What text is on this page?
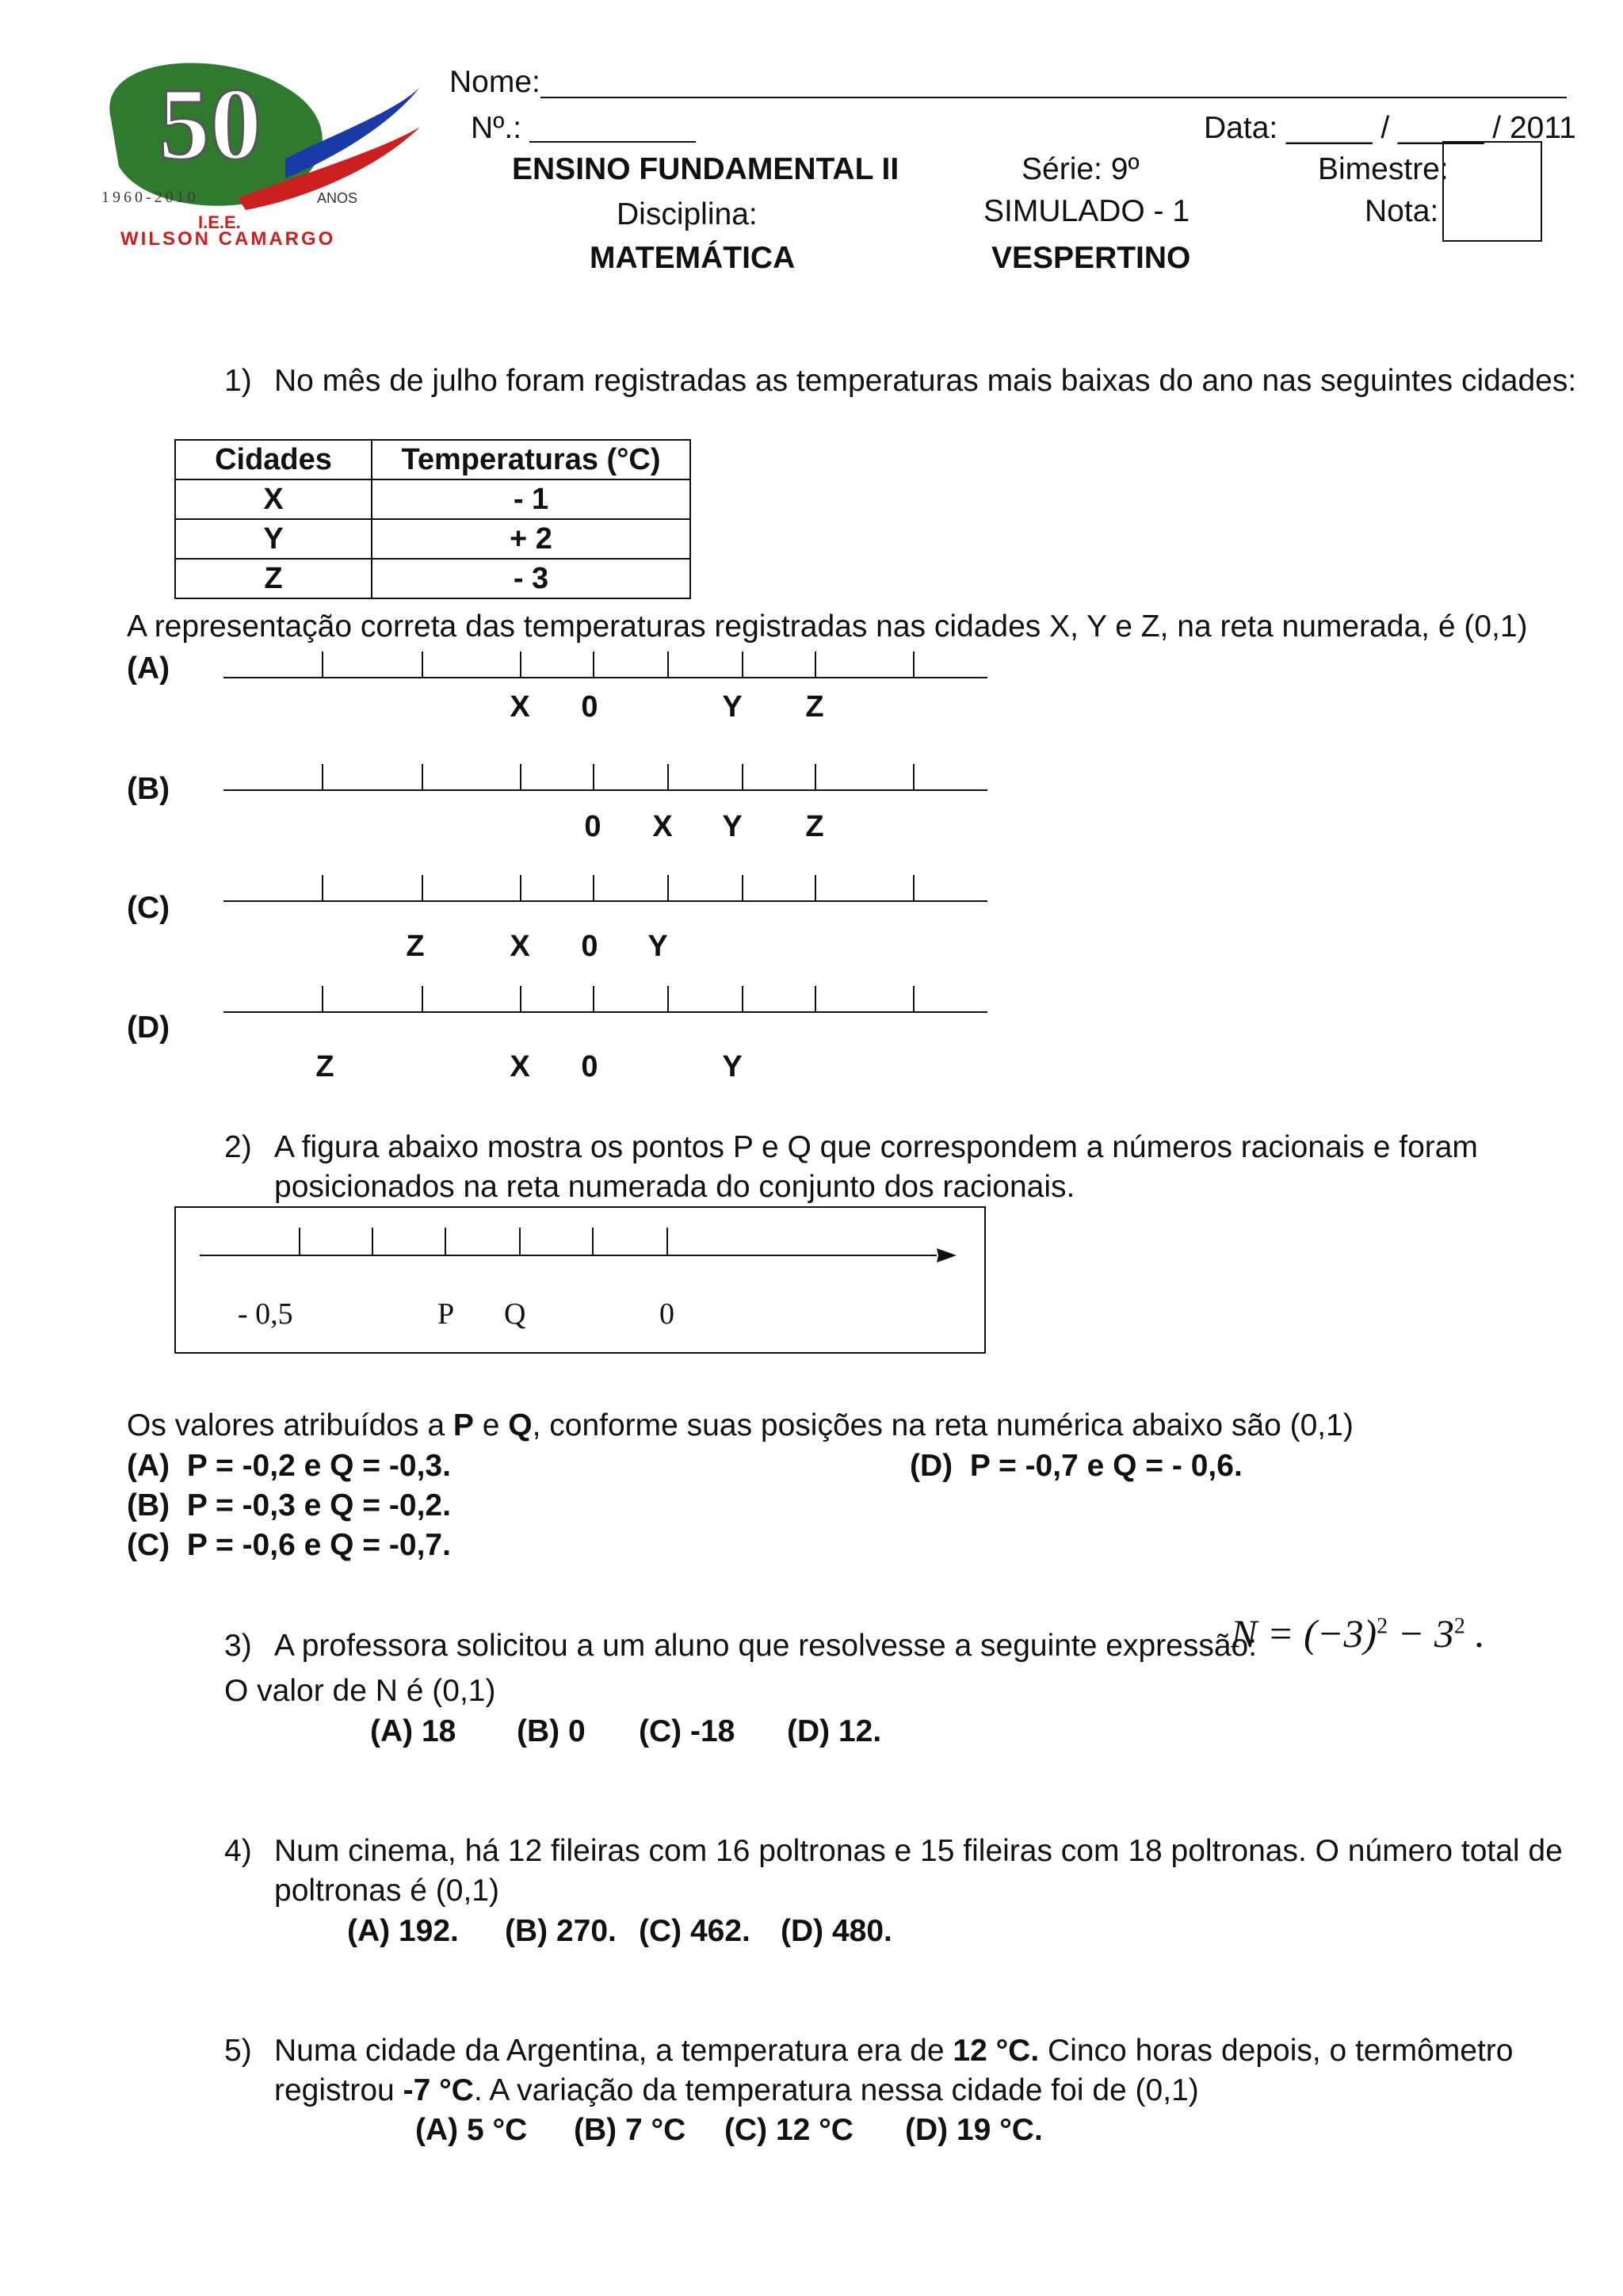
50
1960-2010	ANOS
I.E.E.
WILSON CAMARGO
Nome:
Nº.:	Data: _____ / _____ / 2011
ENSINO FUNDAMENTAL II	Série: 9º	Bimestre:
Disciplina:	SIMULADO - 1	Nota:
MATEMÁTICA	VESPERTINO
1) No mês de julho foram registradas as temperaturas mais baixas do ano nas seguintes cidades:
Cidades	Temperaturas (°C)
X	- 1
Y	+ 2
Z	- 3
A representação correta das temperaturas registradas nas cidades X, Y e Z, na reta numerada, é (0,1)
(A)
X 0	Y Z
(B)
0 X Y Z
(C)
Z	X 0 Y
(D)
Z	X 0	Y
2) A figura abaixo mostra os pontos P e Q que correspondem a números racionais e foram
posicionados na reta numerada do conjunto dos racionais.
- 0,5	P Q	0
Os valores atribuídos a P e Q, conforme suas posições na reta numérica abaixo são (0,1)
(A) P = -0,2 e Q = -0,3.
(B) P = -0,3 e Q = -0,2.
(C) P = -0,6 e Q = -0,7.
(D) P = -0,7 e Q = - 0,6.
3) A professora solicitou a um aluno que resolvesse a seguinte expressão:
$N = (-3)^2 - 3^2$ .
O valor de N é (0,1)
(A) 18 (B) 0 (C) -18 (D) 12.
4) Num cinema, há 12 fileiras com 16 poltronas e 15 fileiras com 18 poltronas. O número total de
poltronas é (0,1)
(A) 192. (B) 270. (C) 462. (D) 480.
5) Numa cidade da Argentina, a temperatura era de 12 °C. Cinco horas depois, o termômetro
registrou -7 °C. A variação da temperatura nessa cidade foi de (0,1)
(A) 5 °C (B) 7 °C (C) 12 °C (D) 19 °C.
